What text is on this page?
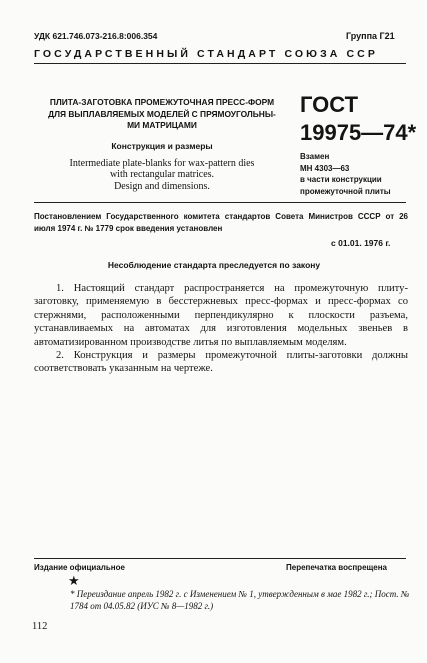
УДК 621.746.073-216.8:006.354	Группа Г21
ГОСУДАРСТВЕННЫЙ СТАНДАРТ СОЮЗА ССР
ПЛИТА-ЗАГОТОВКА ПРОМЕЖУТОЧНАЯ ПРЕСС-ФОРМ
ДЛЯ ВЫПЛАВЛЯЕМЫХ МОДЕЛЕЙ С ПРЯМОУГОЛЬНЫ-
МИ МАТРИЦАМИ
Конструкция и размеры
Intermediate plate-blanks for wax-pattern dies
with rectangular matrices.
Design and dimensions.
ГОСТ
19975—74*
Взамен
МН 4303—63
в части конструкции
промежуточной плиты
Постановлением Государственного комитета стандартов Совета Министров СССР от 26 июля 1974 г. № 1779 срок введения установлен
с 01.01. 1976 г.
Несоблюдение стандарта преследуется по закону

1. Настоящий стандарт распространяется на промежуточную плиту-заготовку, применяемую в бесстержневых пресс-формах и пресс-формах со стержнями, расположенными перпендикулярно к плоскости разъема, устанавливаемых на автоматах для изготовления модельных звеньев в автоматизированном производстве литья по выплавляемым моделям.

2. Конструкция и размеры промежуточной плиты-заготовки должны соответствовать указанным на чертеже.

Издание официальное	Перепечатка воспрещена
★
* Переиздание апрель 1982 г. с Изменением № 1, утвержденным в мае 1982 г.; Пост. № 1784 от 04.05.82 (ИУС № 8—1982 г.)
112
